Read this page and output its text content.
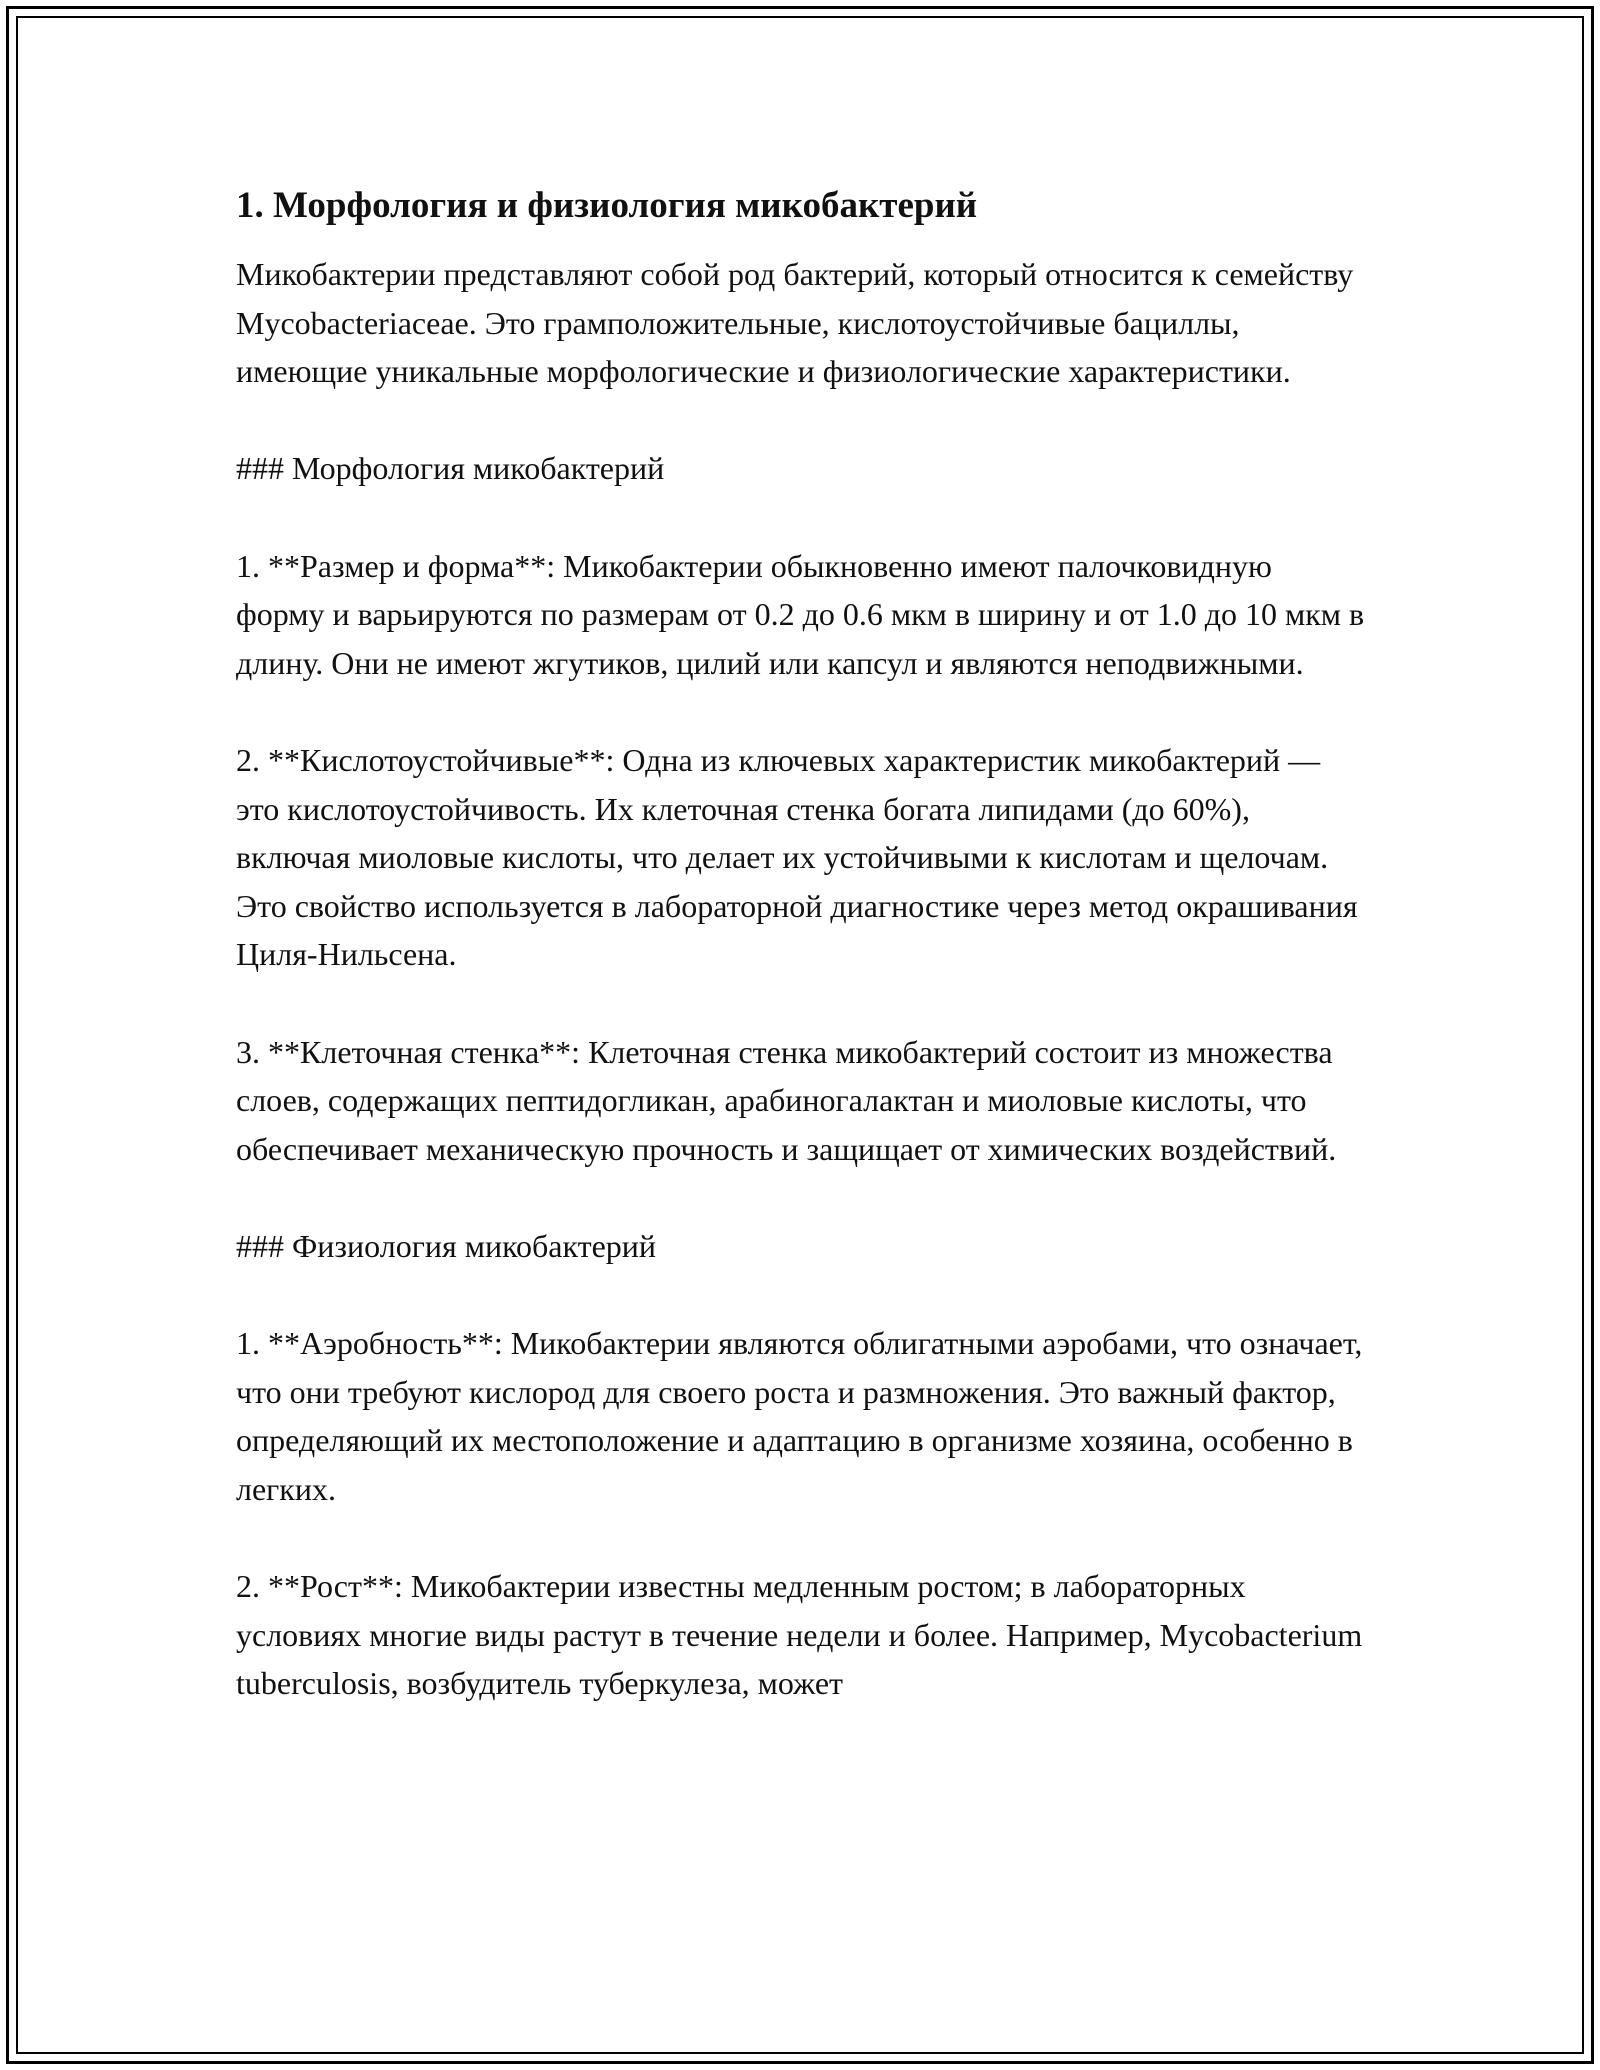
1. Морфология и физиология микобактерий

Микобактерии представляют собой род бактерий, который относится к семейству Mycobacteriaceae. Это грамположительные, кислотоустойчивые бациллы, имеющие уникальные морфологические и физиологические характеристики.

### Морфология микобактерий

1. **Размер и форма**: Микобактерии обыкновенно имеют палочковидную форму и варьируются по размерам от 0.2 до 0.6 мкм в ширину и от 1.0 до 10 мкм в длину. Они не имеют жгутиков, цилий или капсул и являются неподвижными.

2. **Кислотоустойчивые**: Одна из ключевых характеристик микобактерий — это кислотоустойчивость. Их клеточная стенка богата липидами (до 60%), включая миоловые кислоты, что делает их устойчивыми к кислотам и щелочам. Это свойство используется в лабораторной диагностике через метод окрашивания Циля-Нильсена.

3. **Клеточная стенка**: Клеточная стенка микобактерий состоит из множества слоев, содержащих пептидогликан, арабиногалактан и миоловые кислоты, что обеспечивает механическую прочность и защищает от химических воздействий.

### Физиология микобактерий

1. **Аэробность**: Микобактерии являются облигатными аэробами, что означает, что они требуют кислород для своего роста и размножения. Это важный фактор, определяющий их местоположение и адаптацию в организме хозяина, особенно в легких.

2. **Рост**: Микобактерии известны медленным ростом; в лабораторных условиях многие виды растут в течение недели и более. Например, Mycobacterium tuberculosis, возбудитель туберкулеза, может
